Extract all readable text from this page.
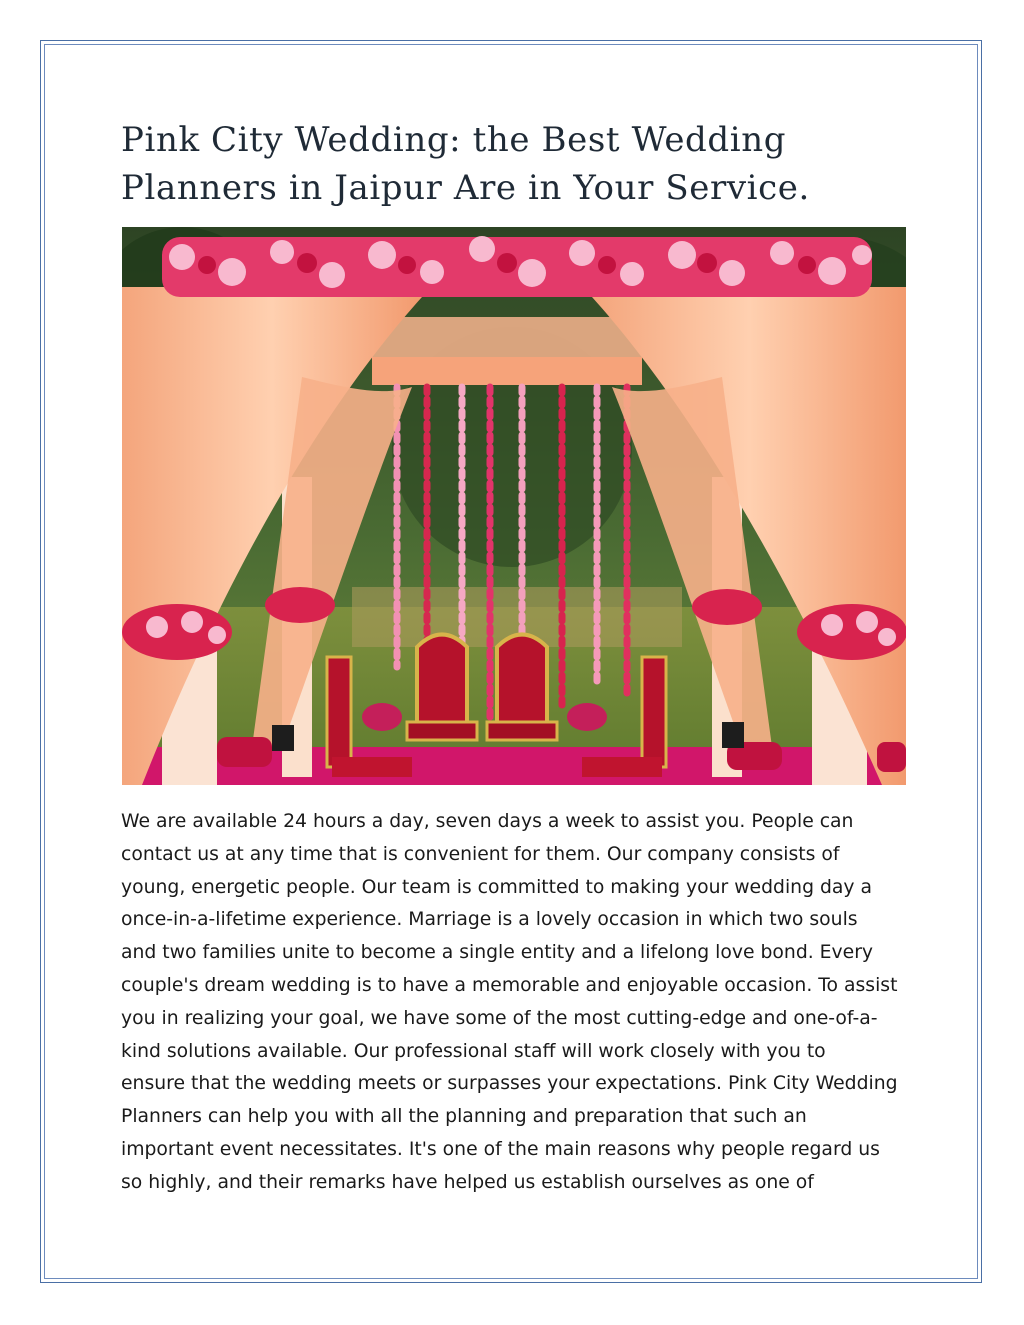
Pink City Wedding: the Best Wedding Planners in Jaipur Are in Your Service.
We are available 24 hours a day, seven days a week to assist you. People can
contact us at any time that is convenient for them. Our company consists of
young, energetic people. Our team is committed to making your wedding day a
once-in-a-lifetime experience. Marriage is a lovely occasion in which two souls
and two families unite to become a single entity and a lifelong love bond. Every
couple's dream wedding is to have a memorable and enjoyable occasion. To assist
you in realizing your goal, we have some of the most cutting-edge and one-of-a-
kind solutions available. Our professional staff will work closely with you to
ensure that the wedding meets or surpasses your expectations. Pink City Wedding
Planners can help you with all the planning and preparation that such an
important event necessitates. It's one of the main reasons why people regard us
so highly, and their remarks have helped us establish ourselves as one of
